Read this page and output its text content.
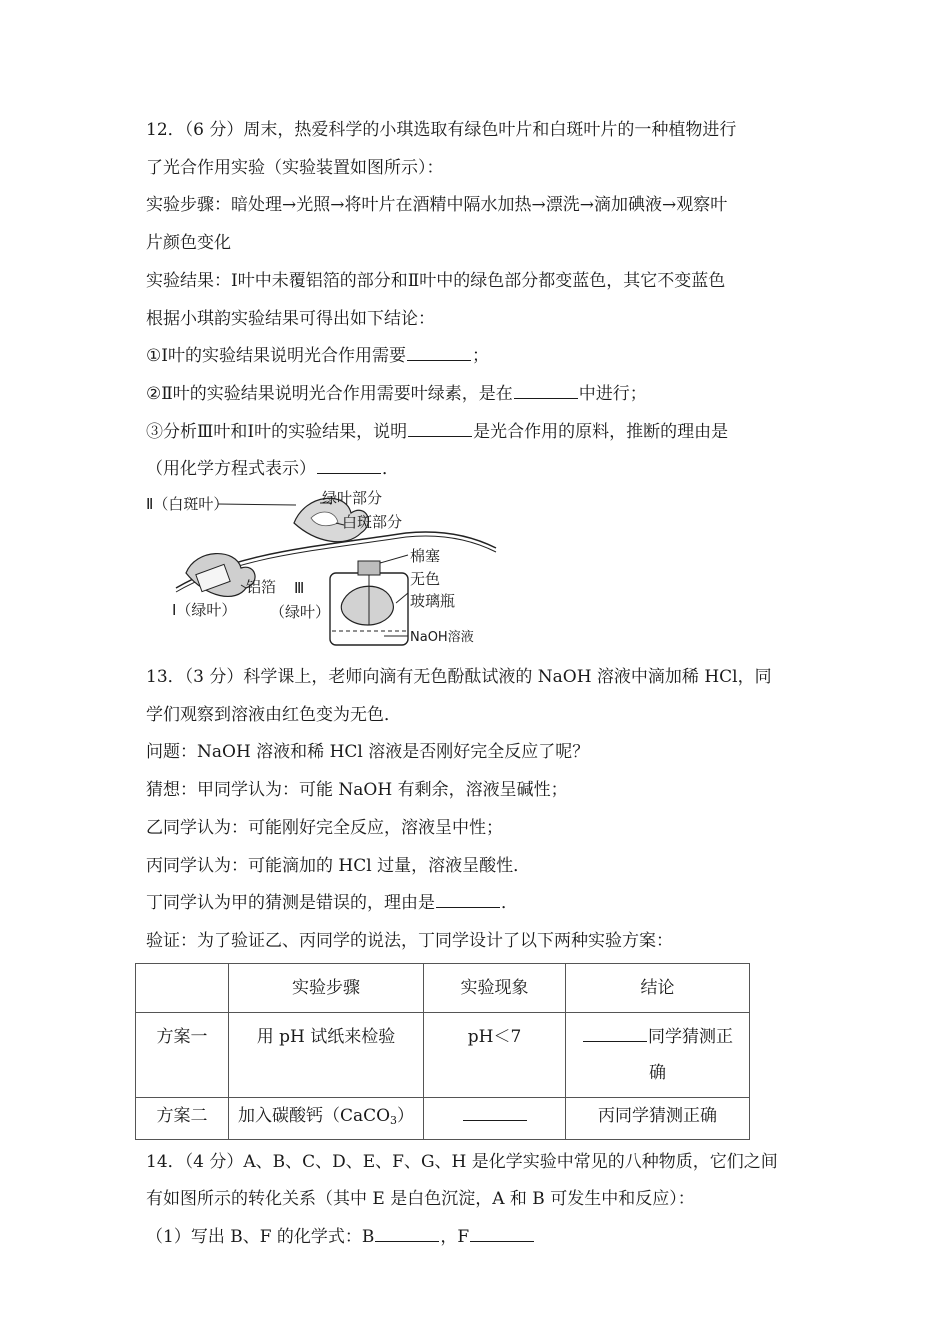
12．（6 分）周末，热爱科学的小琪选取有绿色叶片和白斑叶片的一种植物进行
了光合作用实验（实验装置如图所示）：
实验步骤：暗处理→光照→将叶片在酒精中隔水加热→漂洗→滴加碘液→观察叶
片颜色变化
实验结果：Ⅰ叶中未覆铝箔的部分和Ⅱ叶中的绿色部分都变蓝色，其它不变蓝色
根据小琪韵实验结果可得出如下结论：
①Ⅰ叶的实验结果说明光合作用需要	；
②Ⅱ叶的实验结果说明光合作用需要叶绿素，是在	中进行；
③分析Ⅲ叶和Ⅰ叶的实验结果，说明	是光合作用的原料，推断的理由是
（用化学方程式表示）	．
Ⅱ（白斑叶）	绿叶部分
白斑部分
棉塞
无色
玻璃瓶
铝箔 Ⅲ
（绿叶）
Ⅰ（绿叶）
NaOH溶液
13．（3 分）科学课上，老师向滴有无色酚酞试液的 NaOH 溶液中滴加稀 HCl，同
学们观察到溶液由红色变为无色．
问题：NaOH 溶液和稀 HCl 溶液是否刚好完全反应了呢？
猜想：甲同学认为：可能 NaOH 有剩余，溶液呈碱性；
乙同学认为：可能刚好完全反应，溶液呈中性；
丙同学认为：可能滴加的 HCl 过量，溶液呈酸性．
丁同学认为甲的猜测是错误的，理由是	．
验证：为了验证乙、丙同学的说法，丁同学设计了以下两种实验方案：
	实验步骤	实验现象	结论
方案一	用 pH 试纸来检验	pH＜7	同学猜测正
确
方案二	加入碳酸钙（CaCO$_3$）		丙同学猜测正确
14．（4 分）A、B、C、D、E、F、G、H 是化学实验中常见的八种物质，它们之间
有如图所示的转化关系（其中 E 是白色沉淀，A 和 B 可发生中和反应）：
（1）写出 B、F 的化学式：B	，F
